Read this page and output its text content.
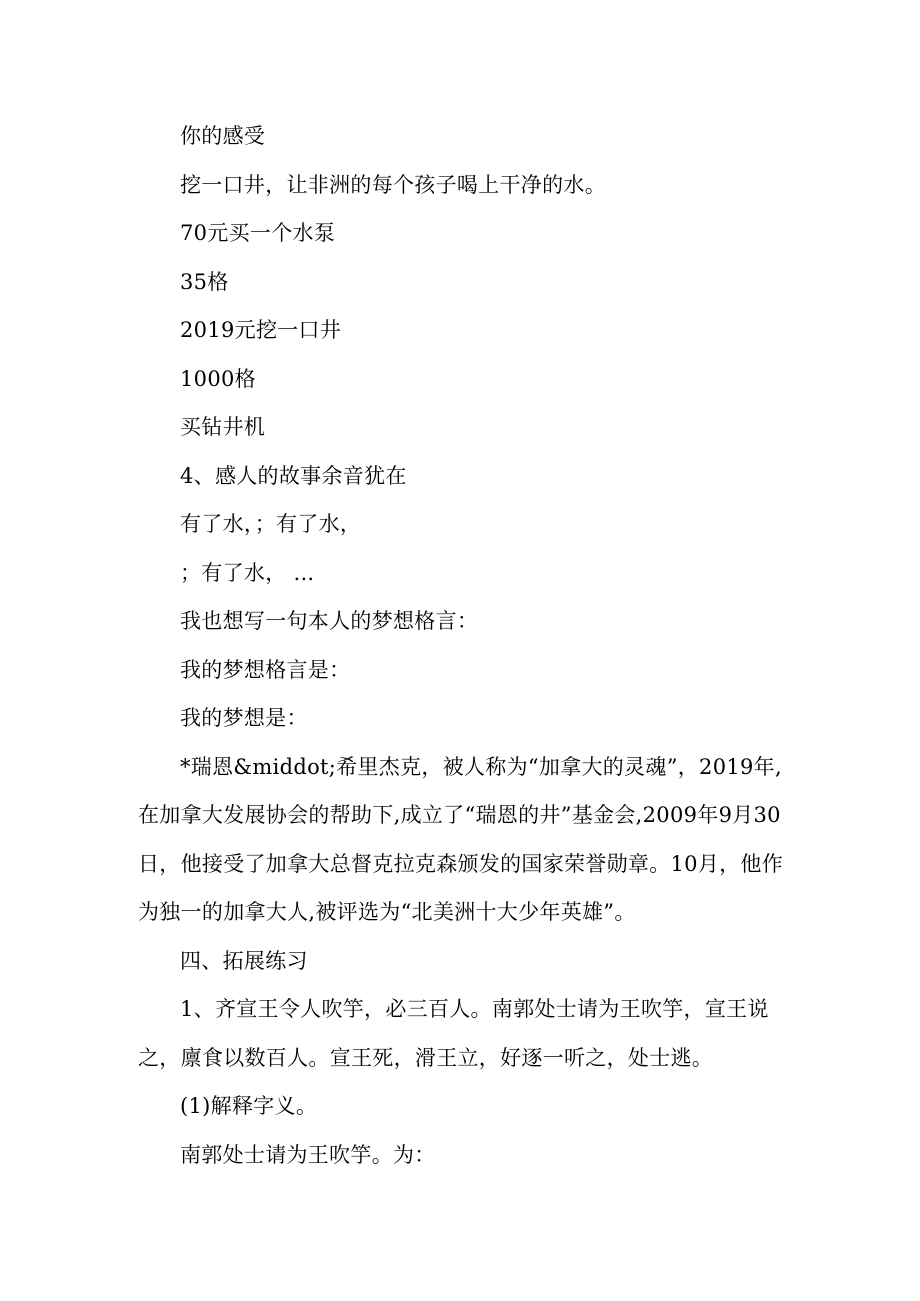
你的感受

挖一口井，让非洲的每个孩子喝上干净的水。

70元买一个水泵

35格

2019元挖一口井

1000格

买钻井机

4、感人的故事余音犹在

有了水，；有了水，

；有了水， ...

我也想写一句本人的梦想格言：

我的梦想格言是：

我的梦想是：

*瑞恩&middot;希里杰克，被人称为“加拿大的灵魂”，2019年,在加拿大发展协会的帮助下,成立了“瑞恩的井”基金会,2009年9月30日，他接受了加拿大总督克拉克森颁发的国家荣誉勋章。10月，他作为独一的加拿大人,被评选为“北美洲十大少年英雄”。

四、拓展练习

1、齐宣王令人吹竽，必三百人。南郭处士请为王吹竽，宣王说之，廪食以数百人。宣王死，滑王立，好逐一听之，处士逃。

(1)解释字义。

南郭处士请为王吹竽。为：
